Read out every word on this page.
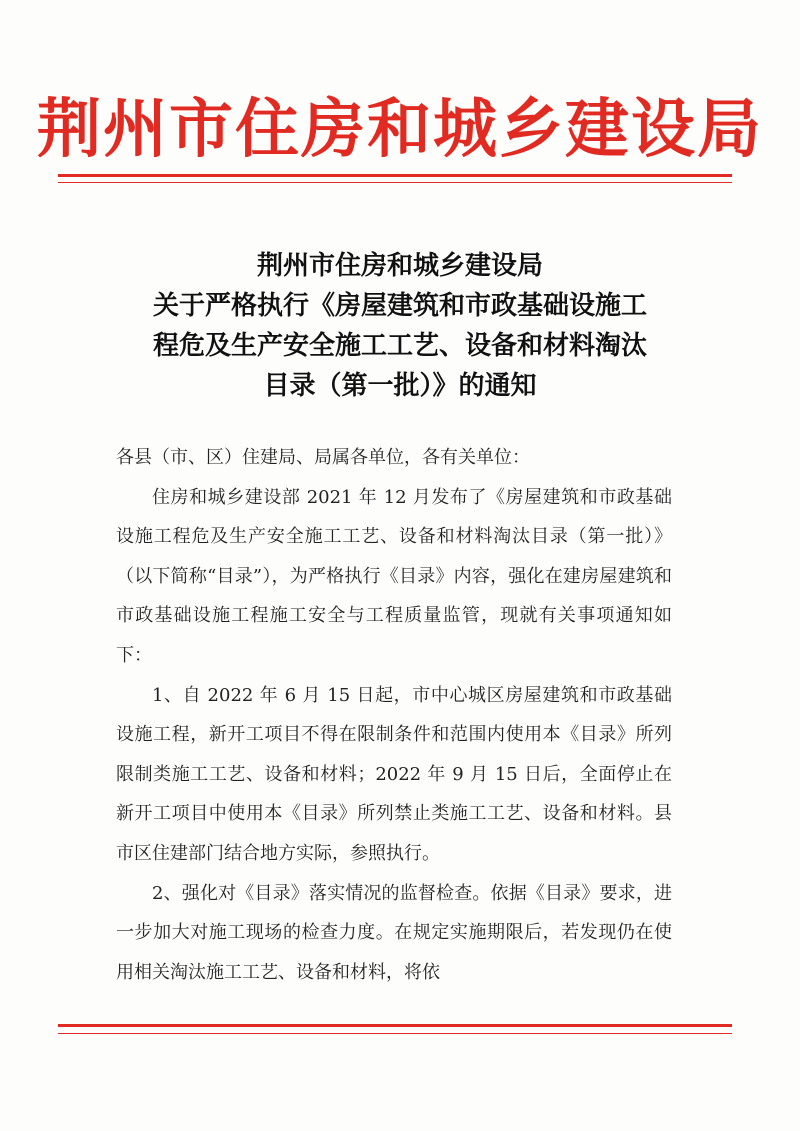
荆州市住房和城乡建设局
荆州市住房和城乡建设局
关于严格执行《房屋建筑和市政基础设施工
程危及生产安全施工工艺、设备和材料淘汰
目录（第一批）》的通知

各县（市、区）住建局、局属各单位，各有关单位：

住房和城乡建设部 2021 年 12 月发布了《房屋建筑和市政基础设施工程危及生产安全施工工艺、设备和材料淘汰目录（第一批）》（以下简称“目录”），为严格执行《目录》内容，强化在建房屋建筑和市政基础设施工程施工安全与工程质量监管，现就有关事项通知如下：

1、自 2022 年 6 月 15 日起，市中心城区房屋建筑和市政基础设施工程，新开工项目不得在限制条件和范围内使用本《目录》所列限制类施工工艺、设备和材料；2022 年 9 月 15 日后，全面停止在新开工项目中使用本《目录》所列禁止类施工工艺、设备和材料。县市区住建部门结合地方实际，参照执行。

2、强化对《目录》落实情况的监督检查。依据《目录》要求，进一步加大对施工现场的检查力度。在规定实施期限后，若发现仍在使用相关淘汰施工工艺、设备和材料，将依
